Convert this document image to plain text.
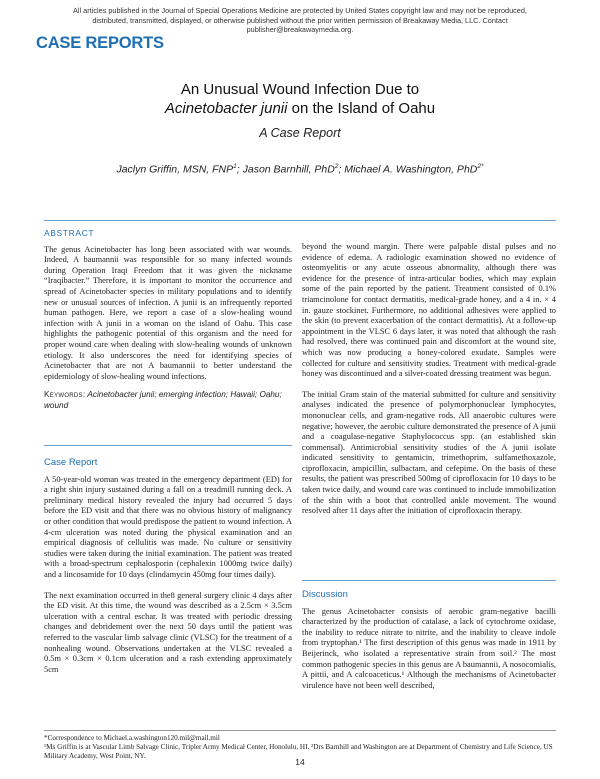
All articles published in the Journal of Special Operations Medicine are protected by United States copyright law and may not be reproduced, distributed, transmitted, displayed, or otherwise published without the prior written permission of Breakaway Media, LLC. Contact publisher@breakawaymedia.org.
CASE REPORTS
An Unusual Wound Infection Due to
Acinetobacter junii on the Island of Oahu
A Case Report
Jaclyn Griffin, MSN, FNP$^1$; Jason Barnhill, PhD$^2$; Michael A. Washington, PhD$^{2*}$
ABSTRACT

The genus Acinetobacter has long been associated with war wounds. Indeed, A baumannii was responsible for so many infected wounds during Operation Iraqi Freedom that it was given the nickname “Iraqibacter.” Therefore, it is important to monitor the occurrence and spread of Acinetobacter species in military populations and to identify new or unusual sources of infection. A junii is an infrequently reported human pathogen. Here, we report a case of a slow-healing wound infection with A junii in a woman on the island of Oahu. This case highlights the pathogenic potential of this organism and the need for proper wound care when dealing with slow-healing wounds of unknown etiology. It also underscores the need for identifying species of Acinetobacter that are not A baumannii to better understand the epidemiology of slow-healing wound infections.

Keywords: Acinetobacter junii; emerging infection; Hawaii; Oahu; wound
Case Report

A 50-year-old woman was treated in the emergency department (ED) for a right shin injury sustained during a fall on a treadmill running deck. A preliminary medical history revealed the injury had occurred 5 days before the ED visit and that there was no obvious history of malignancy or other condition that would predispose the patient to wound infection. A 4-cm ulceration was noted during the physical examination and an empirical diagnosis of cellulitis was made. No culture or sensitivity studies were taken during the initial examination. The patient was treated with a broad-spectrum cephalosporin (cephalexin 1000mg twice daily) and a lincosamide for 10 days (clindamycin 450mg four times daily).

The next examination occurred in the8 general surgery clinic 4 days after the ED visit. At this time, the wound was described as a 2.5cm × 3.5cm ulceration with a central eschar. It was treated with periodic dressing changes and debridement over the next 50 days until the patient was referred to the vascular limb salvage clinic (VLSC) for the treatment of a nonhealing wound. Observations undertaken at the VLSC revealed a 0.5m × 0.3cm × 0.1cm ulceration and a rash extending approximately 5cm

beyond the wound margin. There were palpable distal pulses and no evidence of edema. A radiologic examination showed no evidence of osteomyelitis or any acute osseous abnormality, although there was evidence for the presence of intra-articular bodies, which may explain some of the pain reported by the patient. Treatment consisted of 0.1% triamcinolone for contact dermatitis, medical-grade honey, and a 4 in. × 4 in. gauze stockinet. Furthermore, no additional adhesives were applied to the skin (to prevent exacerbation of the contact dermatitis). At a follow-up appointment in the VLSC 6 days later, it was noted that although the rash had resolved, there was continued pain and discomfort at the wound site, which was now producing a honey-colored exudate. Samples were collected for culture and sensitivity studies. Treatment with medical-grade honey was discontinued and a silver-coated dressing treatment was begun.

The initial Gram stain of the material submitted for culture and sensitivity analyses indicated the presence of polymorphonuclear lymphocytes, mononuclear cells, and gram-negative rods. All anaerobic cultures were negative; however, the aerobic culture demonstrated the presence of A junii and a coagulase-negative Staphylococcus spp. (an established skin commensal). Antimicrobial sensitivity studies of the A junii isolate indicated sensitivity to gentamicin, trimethoprim, sulfamethoxazole, ciprofloxacin, ampicillin, sulbactam, and cefepime. On the basis of these results, the patient was prescribed 500mg of ciprofloxacin for 10 days to be taken twice daily, and wound care was continued to include immobilization of the shin with a boot that controlled ankle movement. The wound resolved after 11 days after the initiation of ciprofloxacin therapy.

Discussion

The genus Acinetobacter consists of aerobic gram-negative bacilli characterized by the production of catalase, a lack of cytochrome oxidase, the inability to reduce nitrate to nitrite, and the inability to cleave indole from tryptophan.¹ The first description of this genus was made in 1911 by Beijerinck, who isolated a representative strain from soil.² The most common pathogenic species in this genus are A baumannii, A nosocomialis, A pittii, and A calcoaceticus.¹ Although the mechanisms of Acinetobacter virulence have not been well described,

*Correspondence to Michael.a.washington120.mil@mail.mil
¹Ms Griffin is at Vascular Limb Salvage Clinic, Tripler Army Medical Center, Honolulu, HI. ²Drs Barnhill and Washington are at Department of Chemistry and Life Science, US Military Academy, West Point, NY.
14
